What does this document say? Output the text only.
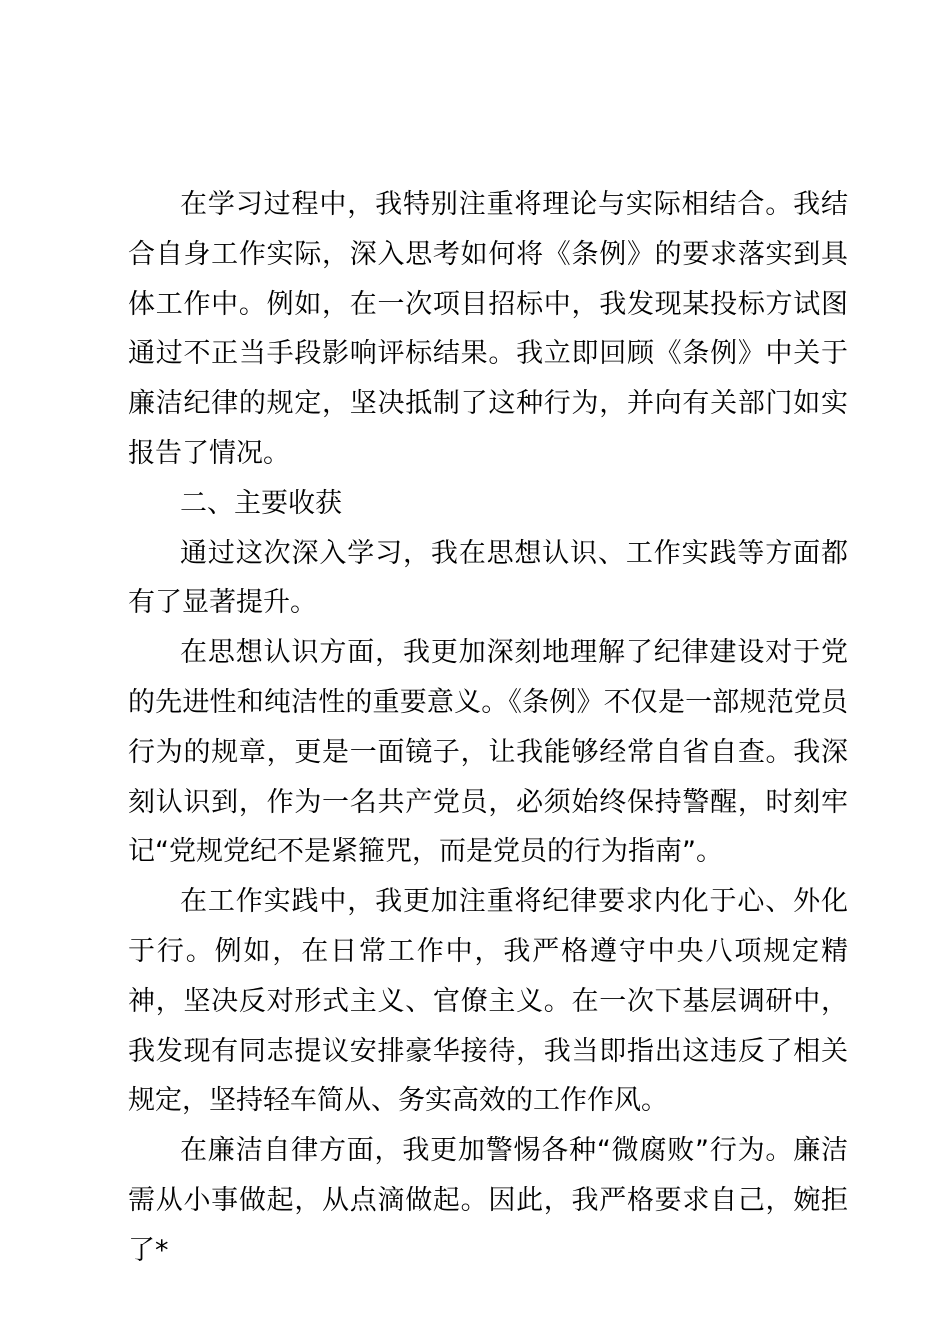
在学习过程中，我特别注重将理论与实际相结合。我结合自身工作实际，深入思考如何将《条例》的要求落实到具体工作中。例如，在一次项目招标中，我发现某投标方试图通过不正当手段影响评标结果。我立即回顾《条例》中关于廉洁纪律的规定，坚决抵制了这种行为，并向有关部门如实报告了情况。

二、主要收获

通过这次深入学习，我在思想认识、工作实践等方面都有了显著提升。

在思想认识方面，我更加深刻地理解了纪律建设对于党的先进性和纯洁性的重要意义。《条例》不仅是一部规范党员行为的规章，更是一面镜子，让我能够经常自省自查。我深刻认识到，作为一名共产党员，必须始终保持警醒，时刻牢记“党规党纪不是紧箍咒，而是党员的行为指南”。

在工作实践中，我更加注重将纪律要求内化于心、外化于行。例如，在日常工作中，我严格遵守中央八项规定精神，坚决反对形式主义、官僚主义。在一次下基层调研中，我发现有同志提议安排豪华接待，我当即指出这违反了相关规定，坚持轻车简从、务实高效的工作作风。

在廉洁自律方面，我更加警惕各种“微腐败”行为。廉洁需从小事做起，从点滴做起。因此，我严格要求自己，婉拒了*
